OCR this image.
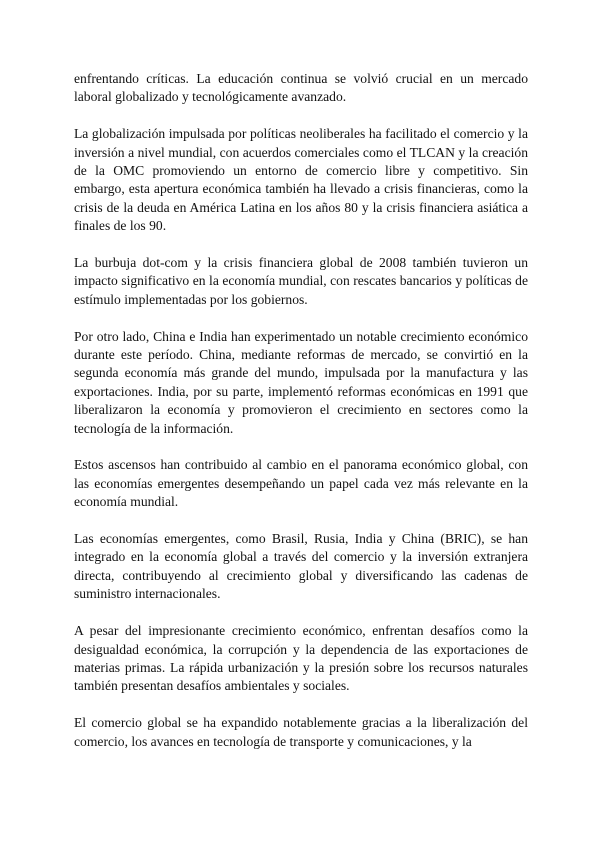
enfrentando críticas. La educación continua se volvió crucial en un mercado laboral globalizado y tecnológicamente avanzado.

La globalización impulsada por políticas neoliberales ha facilitado el comercio y la inversión a nivel mundial, con acuerdos comerciales como el TLCAN y la creación de la OMC promoviendo un entorno de comercio libre y competitivo. Sin embargo, esta apertura económica también ha llevado a crisis financieras, como la crisis de la deuda en América Latina en los años 80 y la crisis financiera asiática a finales de los 90.

La burbuja dot-com y la crisis financiera global de 2008 también tuvieron un impacto significativo en la economía mundial, con rescates bancarios y políticas de estímulo implementadas por los gobiernos.

Por otro lado, China e India han experimentado un notable crecimiento económico durante este período. China, mediante reformas de mercado, se convirtió en la segunda economía más grande del mundo, impulsada por la manufactura y las exportaciones. India, por su parte, implementó reformas económicas en 1991 que liberalizaron la economía y promovieron el crecimiento en sectores como la tecnología de la información.

Estos ascensos han contribuido al cambio en el panorama económico global, con las economías emergentes desempeñando un papel cada vez más relevante en la economía mundial.

Las economías emergentes, como Brasil, Rusia, India y China (BRIC), se han integrado en la economía global a través del comercio y la inversión extranjera directa, contribuyendo al crecimiento global y diversificando las cadenas de suministro internacionales.

A pesar del impresionante crecimiento económico, enfrentan desafíos como la desigualdad económica, la corrupción y la dependencia de las exportaciones de materias primas. La rápida urbanización y la presión sobre los recursos naturales también presentan desafíos ambientales y sociales.

El comercio global se ha expandido notablemente gracias a la liberalización del comercio, los avances en tecnología de transporte y comunicaciones, y la
